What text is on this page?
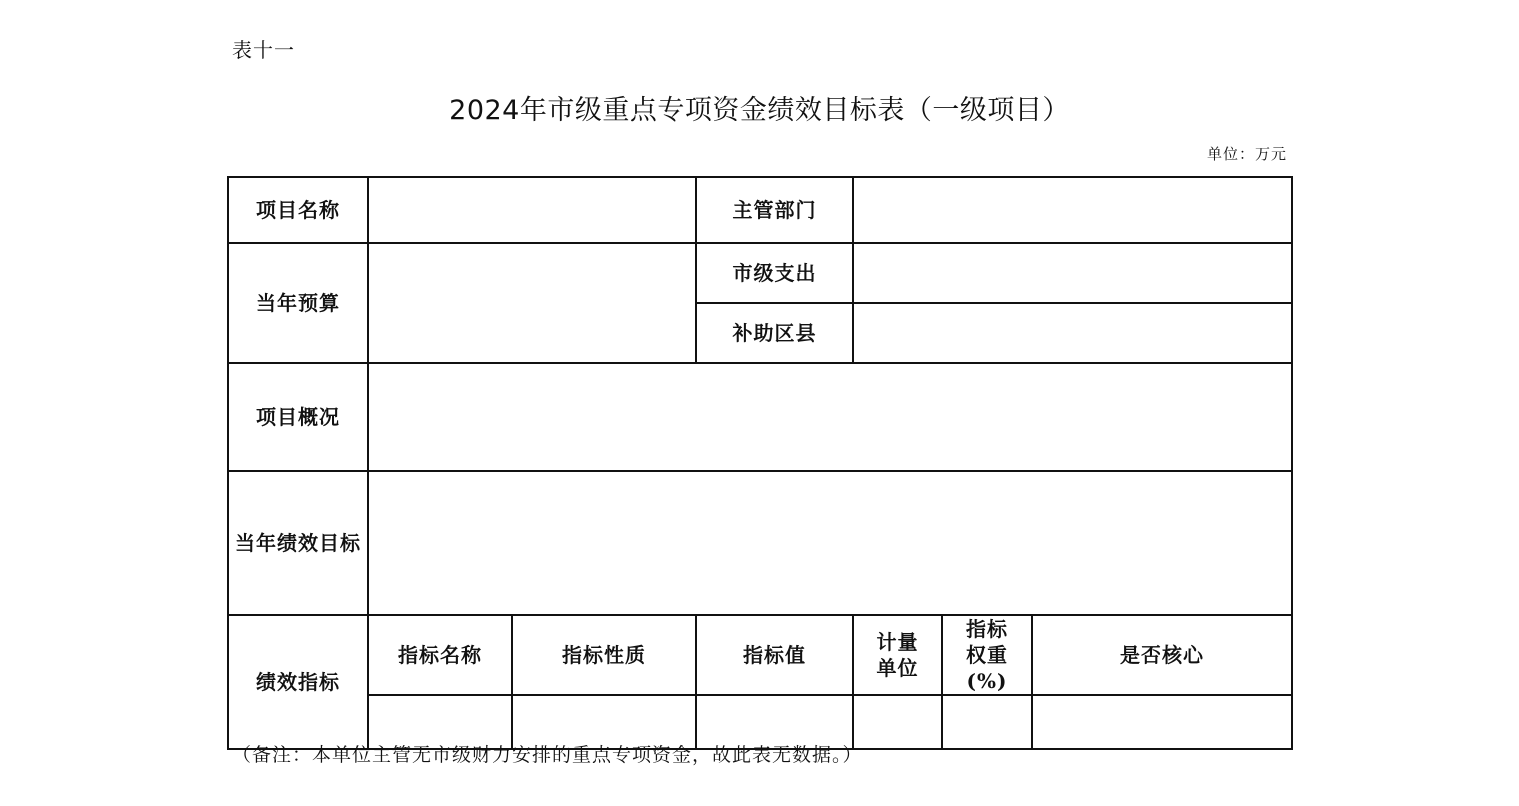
表十一
2024年市级重点专项资金绩效目标表（一级项目）
单位：万元
项目名称			主管部门			
当年预算			市级支出			
			补助区县			
项目概况						
当年绩效目标						
绩效指标	指标名称	指标性质	指标值	计量单位	指标权重(%)	是否核心

（备注：本单位主管无市级财力安排的重点专项资金，故此表无数据。）
